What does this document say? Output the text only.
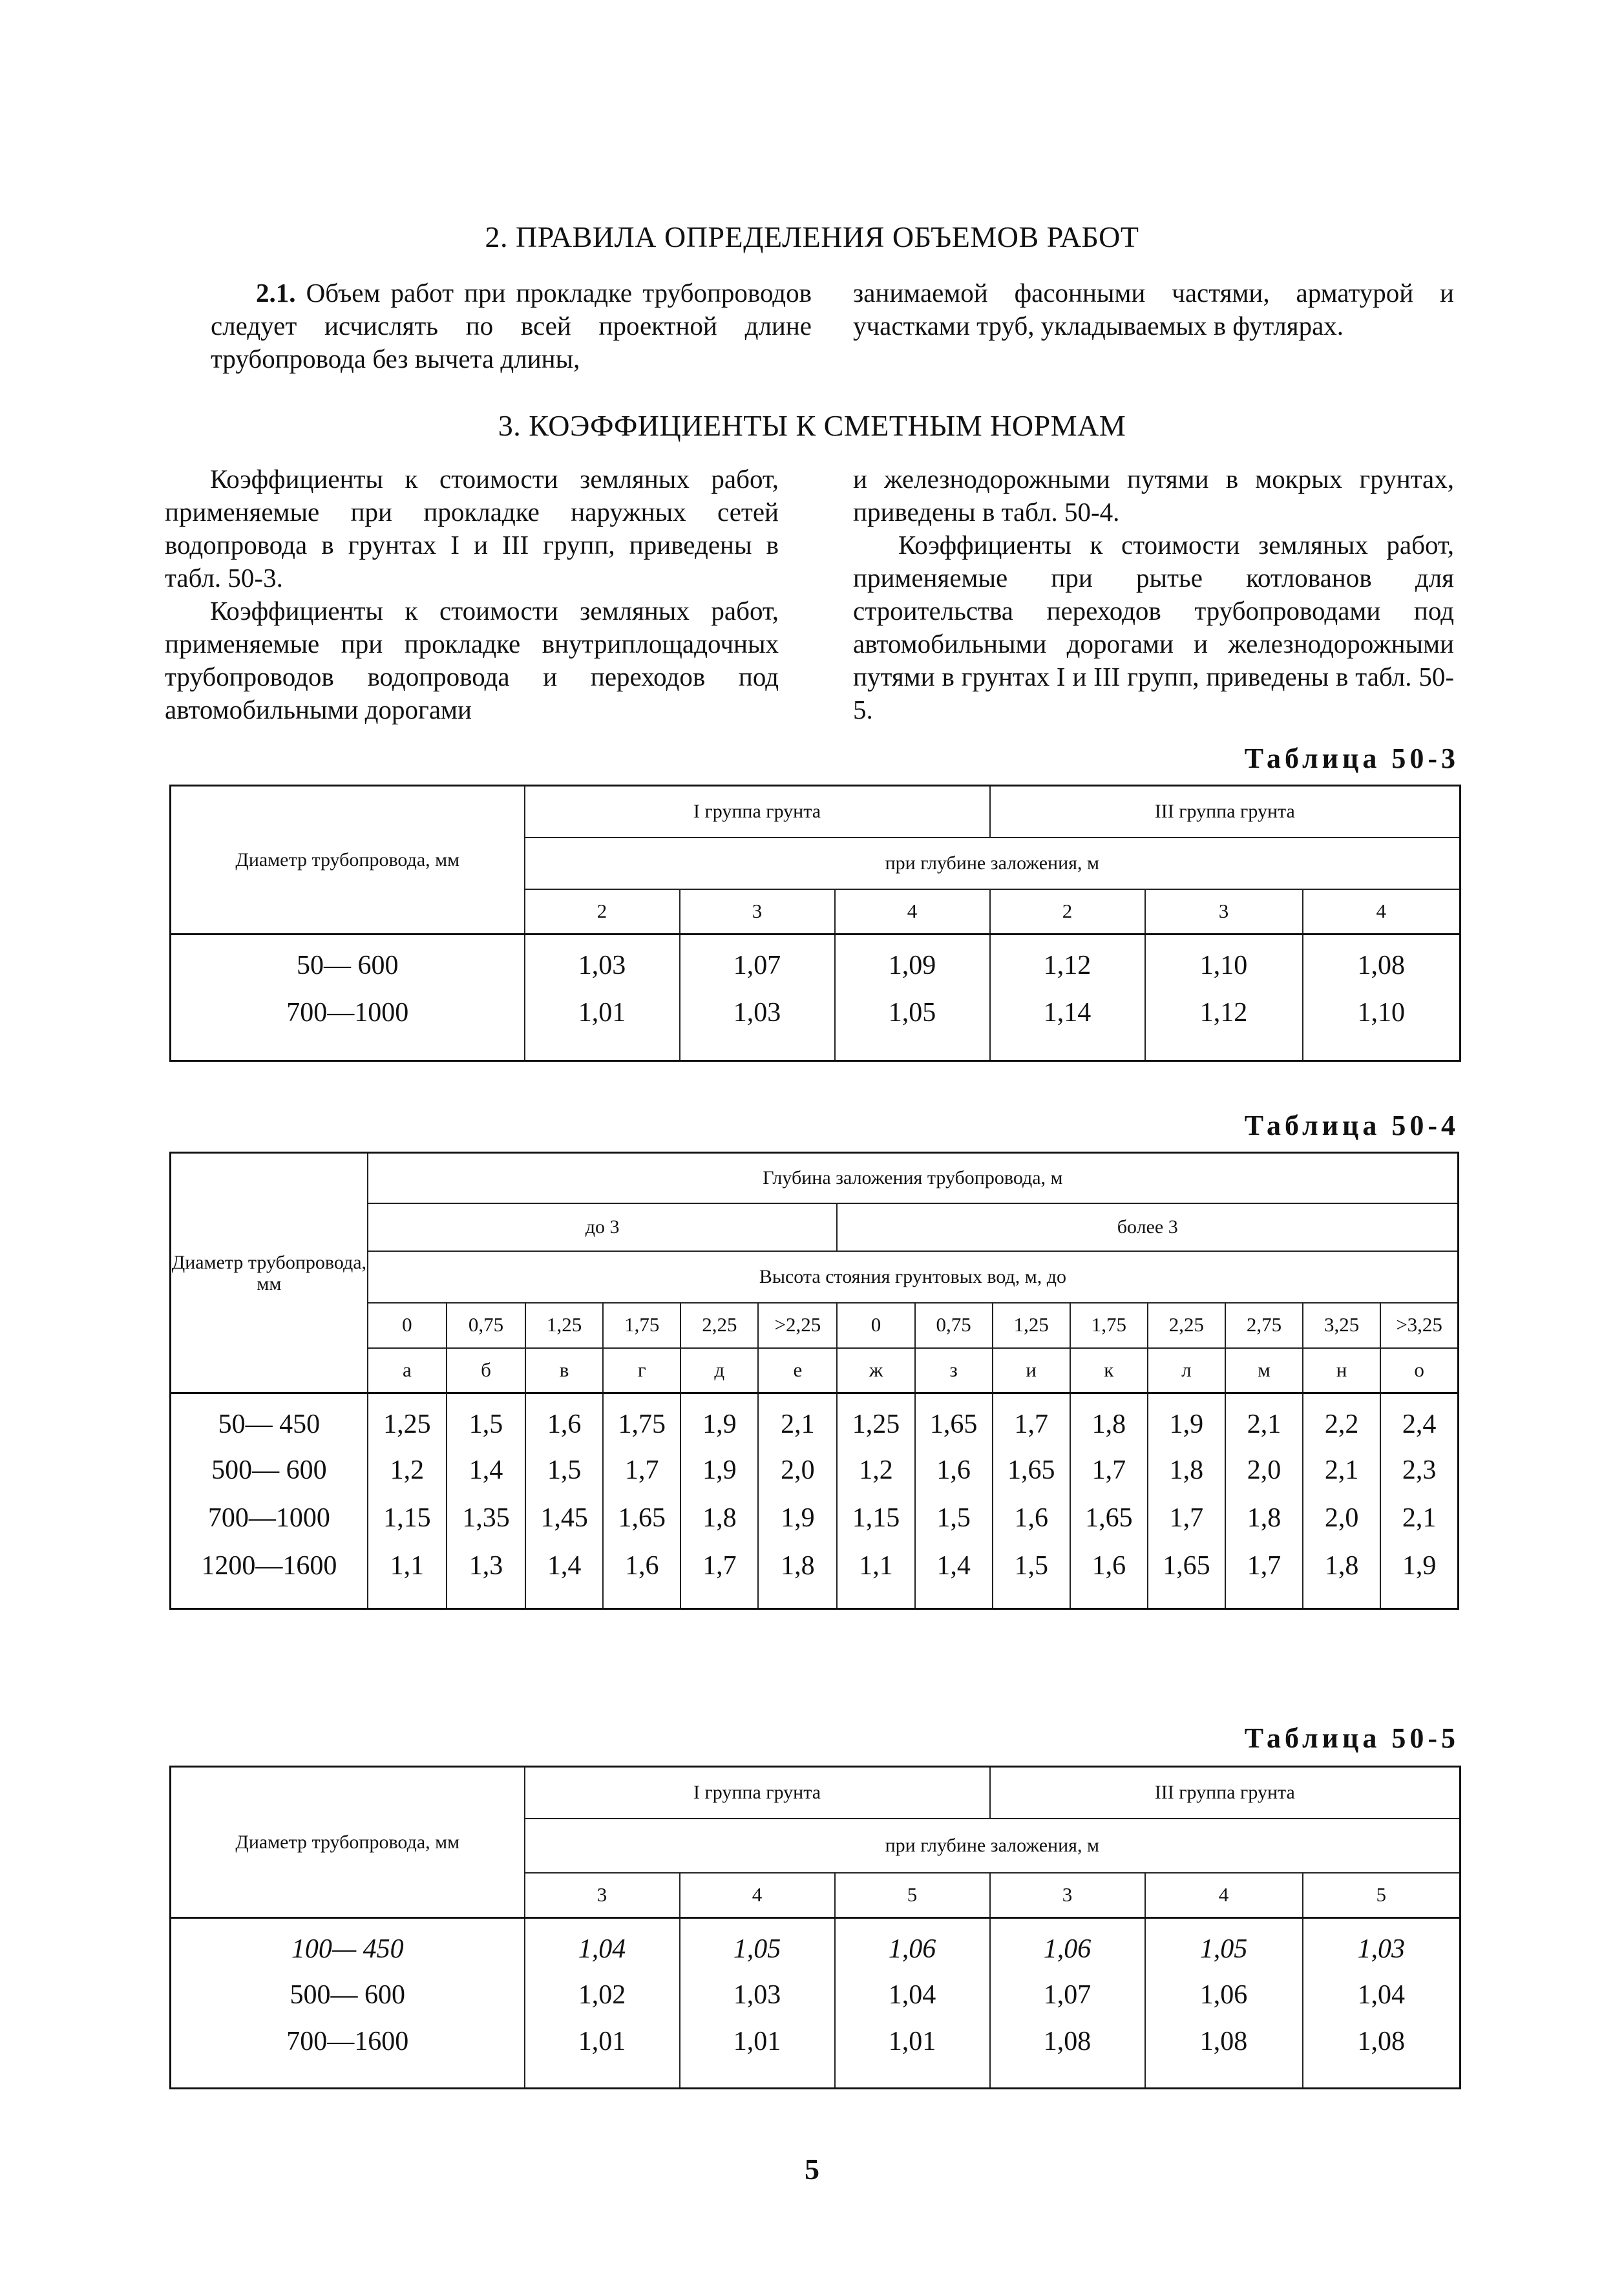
2. ПРАВИЛА ОПРЕДЕЛЕНИЯ ОБЪЕМОВ РАБОТ

2.1. Объем работ при прокладке трубопроводов следует исчислять по всей проектной длине трубопровода без вычета длины,

занимаемой фасонными частями, арматурой и участками труб, укладываемых в футлярах.

3. КОЭФФИЦИЕНТЫ К СМЕТНЫМ НОРМАМ

Коэффициенты к стоимости земляных работ, применяемые при прокладке наружных сетей водопровода в грунтах I и III групп, приведены в табл. 50-3.

Коэффициенты к стоимости земляных работ, применяемые при прокладке внутриплощадочных трубопроводов водопровода и переходов под автомобильными дорогами

и железнодорожными путями в мокрых грунтах, приведены в табл. 50-4.

Коэффициенты к стоимости земляных работ, применяемые при рытье котлованов для строительства переходов трубопроводами под автомобильными дорогами и железнодорожными путями в грунтах I и III групп, приведены в табл. 50-5.

Таблица 50-3
Диаметр трубопровода, мм	I группа грунта			III группа грунта		
	при глубине заложения, м					
	2	3	4	2	3	4
50— 600	1,03	1,07	1,09	1,12	1,10	1,08
700—1000	1,01	1,03	1,05	1,14	1,12	1,10
Таблица 50-4
Диаметр трубопровода, мм	Глубина заложения трубопровода, м													
	до 3						более 3							
	Высота стояния грунтовых вод, м, до													
	0	0,75	1,25	1,75	2,25	>2,25	0	0,75	1,25	1,75	2,25	2,75	3,25	>3,25
	а	б	в	г	д	е	ж	з	и	к	л	м	н	о
50— 450	1,25	1,5	1,6	1,75	1,9	2,1	1,25	1,65	1,7	1,8	1,9	2,1	2,2	2,4
500— 600	1,2	1,4	1,5	1,7	1,9	2,0	1,2	1,6	1,65	1,7	1,8	2,0	2,1	2,3
700—1000	1,15	1,35	1,45	1,65	1,8	1,9	1,15	1,5	1,6	1,65	1,7	1,8	2,0	2,1
1200—1600	1,1	1,3	1,4	1,6	1,7	1,8	1,1	1,4	1,5	1,6	1,65	1,7	1,8	1,9
Таблица 50-5
Диаметр трубопровода, мм	I группа грунта			III группа грунта		
	при глубине заложения, м					
	3	4	5	3	4	5
100— 450	1,04	1,05	1,06	1,06	1,05	1,03
500— 600	1,02	1,03	1,04	1,07	1,06	1,04
700—1600	1,01	1,01	1,01	1,08	1,08	1,08
5
